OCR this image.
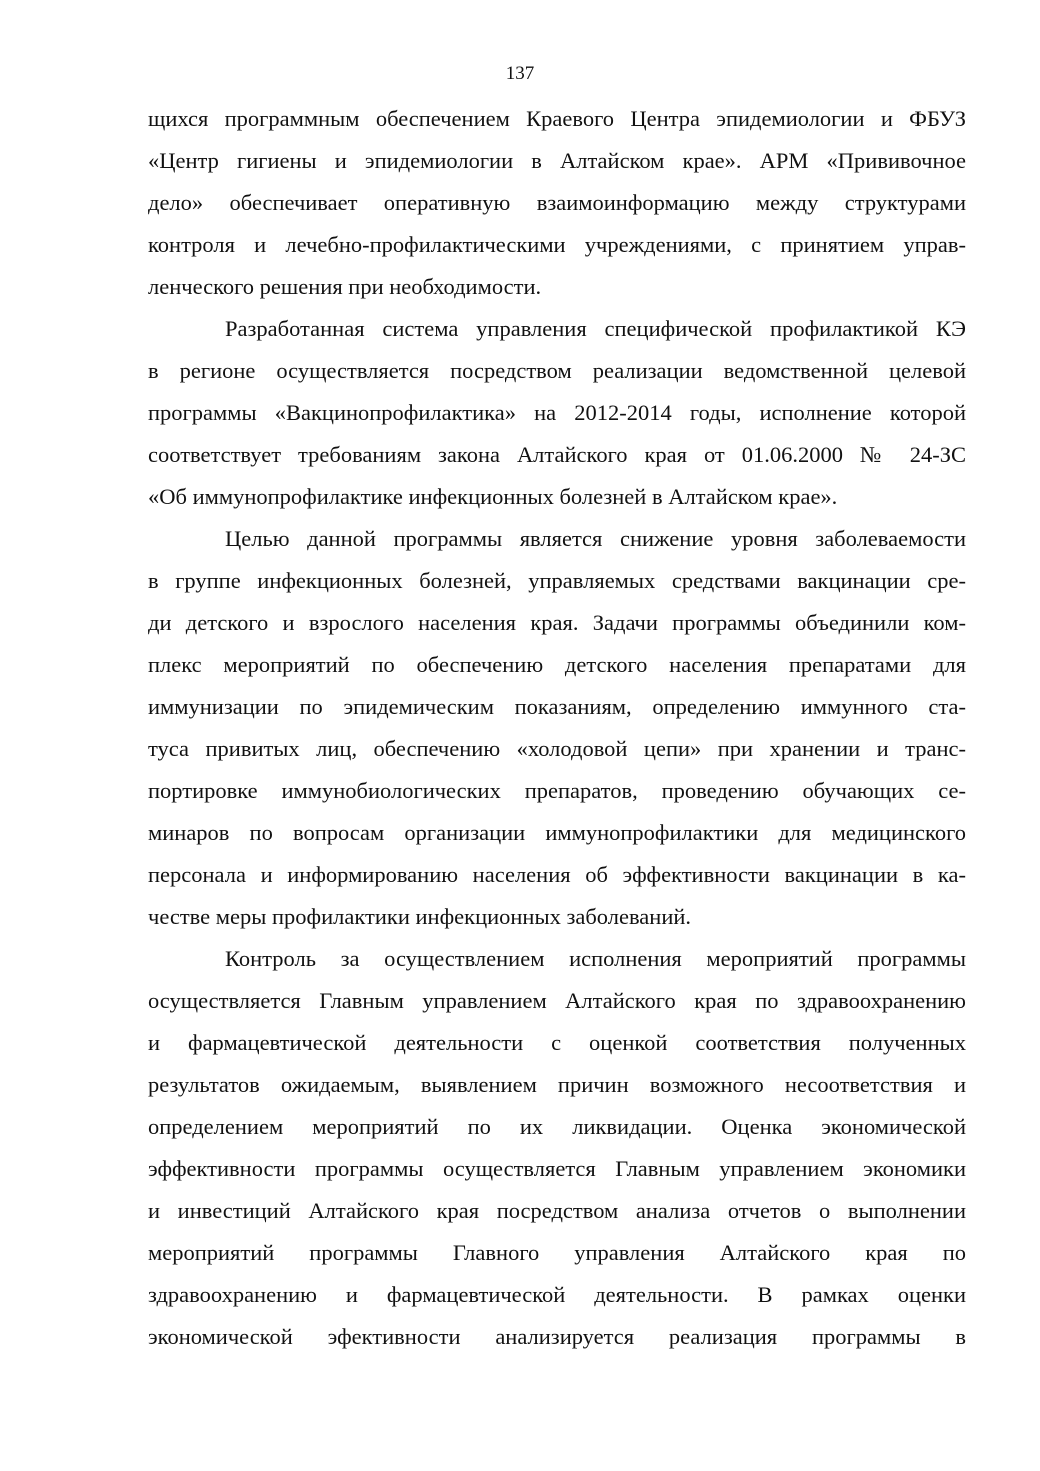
137
щихся программным обеспечением Краевого Центра эпидемиологии и ФБУЗ
«Центр гигиены и эпидемиологии в Алтайском крае». АРМ «Прививочное
дело» обеспечивает оперативную взаимоинформацию между структурами
контроля и лечебно-профилактическими учреждениями, с принятием управ-
ленческого решения при необходимости.
Разработанная система управления специфической профилактикой КЭ
в регионе осуществляется посредством реализации ведомственной целевой
программы «Вакцинопрофилактика» на 2012-2014 годы, исполнение которой
соответствует требованиям закона Алтайского края от 01.06.2000 № 24-ЗС
«Об иммунопрофилактике инфекционных болезней в Алтайском крае».
Целью данной программы является снижение уровня заболеваемости
в группе инфекционных болезней, управляемых средствами вакцинации сре-
ди детского и взрослого населения края. Задачи программы объединили ком-
плекс мероприятий по обеспечению детского населения препаратами для
иммунизации по эпидемическим показаниям, определению иммунного ста-
туса привитых лиц, обеспечению «холодовой цепи» при хранении и транс-
портировке иммунобиологических препаратов, проведению обучающих се-
минаров по вопросам организации иммунопрофилактики для медицинского
персонала и информированию населения об эффективности вакцинации в ка-
честве меры профилактики инфекционных заболеваний.
Контроль за осуществлением исполнения мероприятий программы
осуществляется Главным управлением Алтайского края по здравоохранению
и фармацевтической деятельности с оценкой соответствия полученных
результатов ожидаемым, выявлением причин возможного несоответствия и
определением мероприятий по их ликвидации. Оценка экономической
эффективности программы осуществляется Главным управлением экономики
и инвестиций Алтайского края посредством анализа отчетов о выполнении
мероприятий программы Главного управления Алтайского края по
здравоохранению и фармацевтической деятельности. В рамках оценки
экономической эфективности анализируется реализация программы в
